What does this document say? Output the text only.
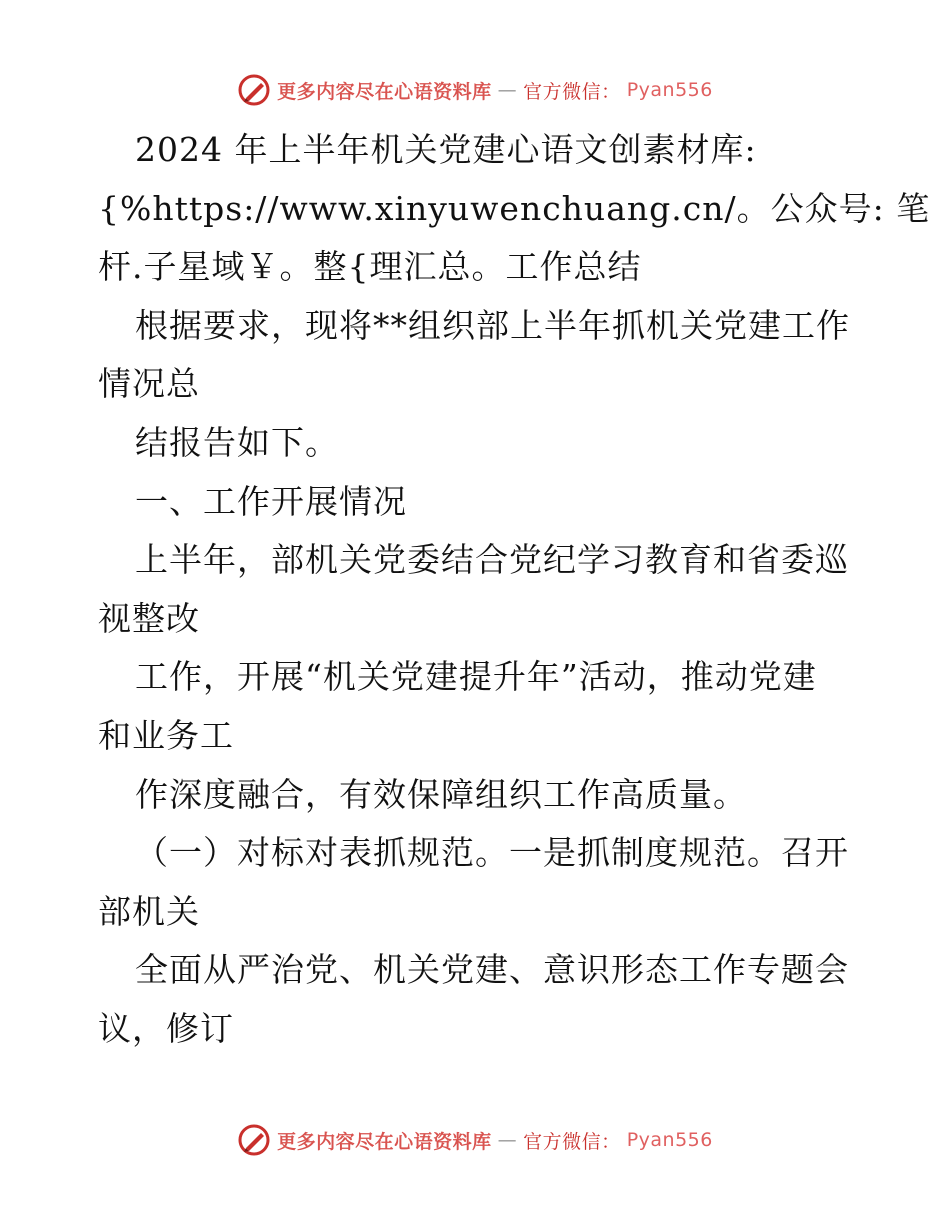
更多内容尽在心语资料库 — 官方微信： Pyan556
2024 年上半年机关党建心语文创素材库:
{%https://www.xinyuwenchuang.cn/。公众号: 笔
杆.子星域￥。整{理汇总。工作总结
根据要求，现将**组织部上半年抓机关党建工作
情况总
结报告如下。
一、工作开展情况
上半年，部机关党委结合党纪学习教育和省委巡
视整改
工作，开展“机关党建提升年”活动，推动党建
和业务工
作深度融合，有效保障组织工作高质量。
（一）对标对表抓规范。一是抓制度规范。召开
部机关
全面从严治党、机关党建、意识形态工作专题会
议，修订
更多内容尽在心语资料库 — 官方微信： Pyan556
